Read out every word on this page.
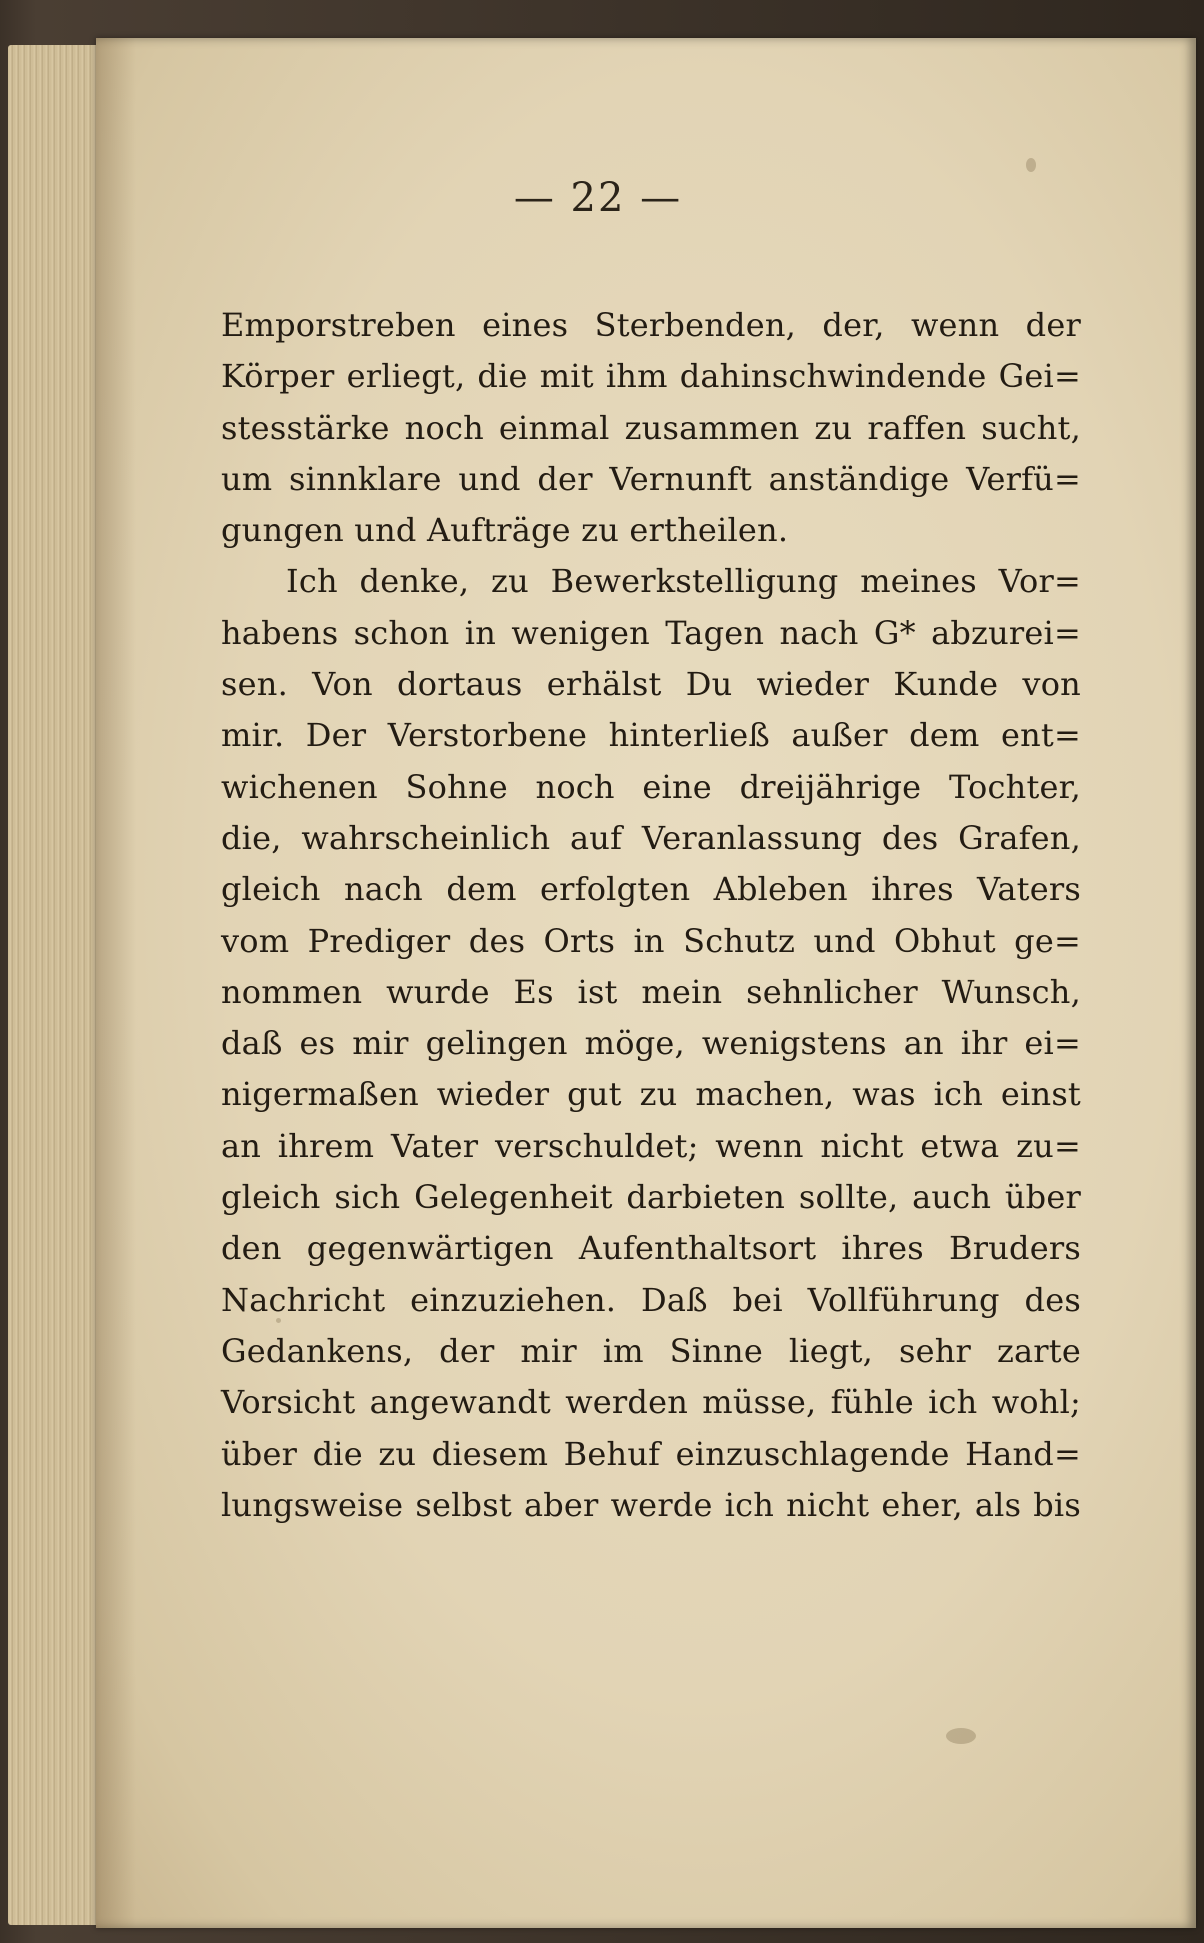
— 22 —
Emporstreben eines Sterbenden, der, wenn der
Körper erliegt, die mit ihm dahinschwindende Gei=
stesstärke noch einmal zusammen zu raffen sucht,
um sinnklare und der Vernunft anständige Verfü=
gungen und Aufträge zu ertheilen.
Ich denke, zu Bewerkstelligung meines Vor=
habens schon in wenigen Tagen nach G* abzurei=
sen. Von dortaus erhälst Du wieder Kunde von
mir. Der Verstorbene hinterließ außer dem ent=
wichenen Sohne noch eine dreijährige Tochter,
die, wahrscheinlich auf Veranlassung des Grafen,
gleich nach dem erfolgten Ableben ihres Vaters
vom Prediger des Orts in Schutz und Obhut ge=
nommen wurde Es ist mein sehnlicher Wunsch,
daß es mir gelingen möge, wenigstens an ihr ei=
nigermaßen wieder gut zu machen, was ich einst
an ihrem Vater verschuldet; wenn nicht etwa zu=
gleich sich Gelegenheit darbieten sollte, auch über
den gegenwärtigen Aufenthaltsort ihres Bruders
Nachricht einzuziehen. Daß bei Vollführung des
Gedankens, der mir im Sinne liegt, sehr zarte
Vorsicht angewandt werden müsse, fühle ich wohl;
über die zu diesem Behuf einzuschlagende Hand=
lungsweise selbst aber werde ich nicht eher, als bis
